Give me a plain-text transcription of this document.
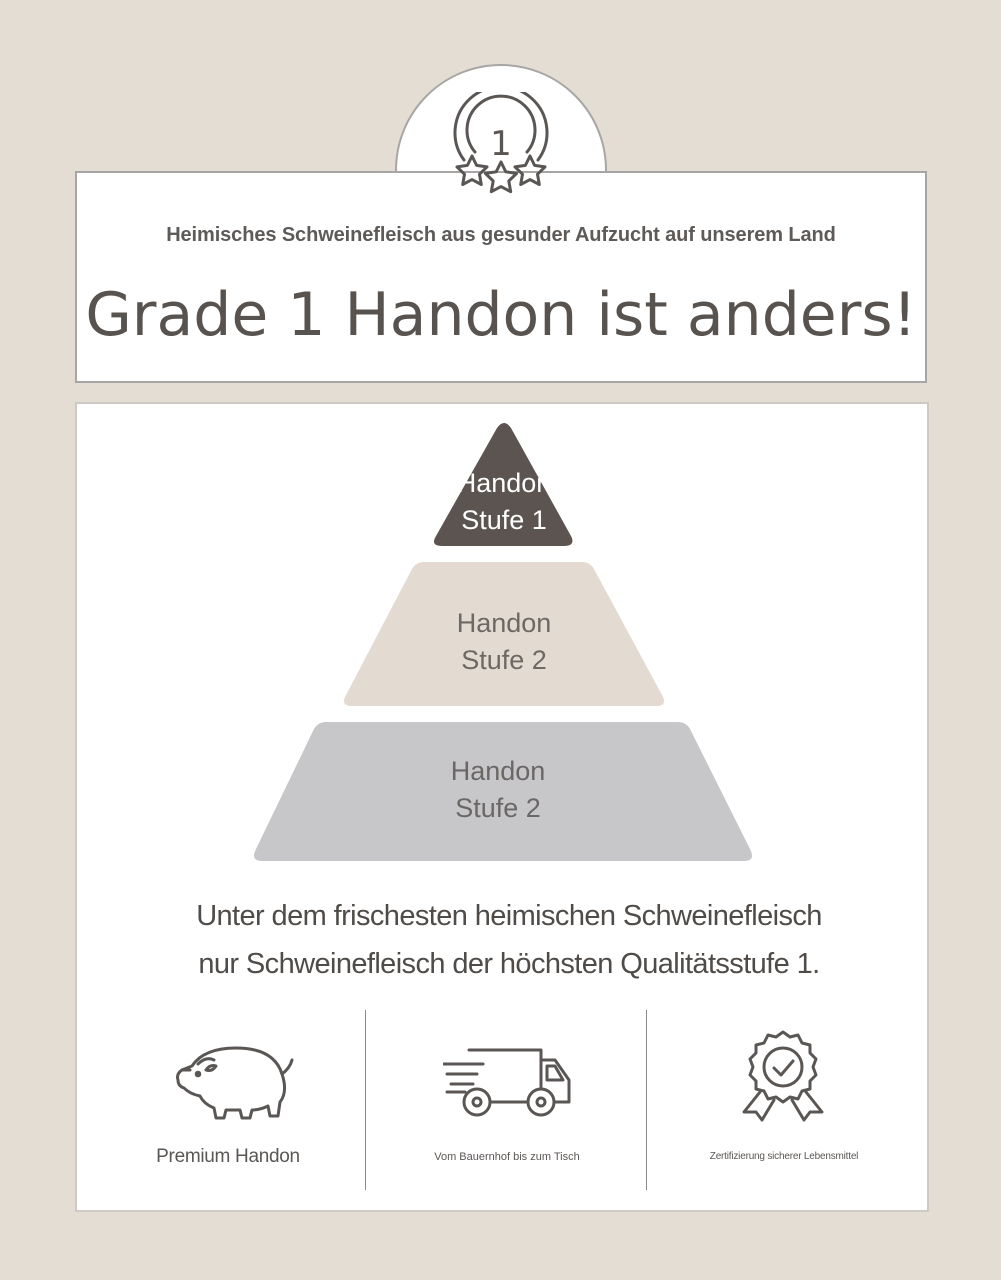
1
Heimisches Schweinefleisch aus gesunder Aufzucht auf unserem Land
Grade 1 Handon ist anders!
Handon
Stufe 1
Handon
Stufe 2
Handon
Stufe 2
Unter dem frischesten heimischen Schweinefleisch
nur Schweinefleisch der höchsten Qualitätsstufe 1.
Premium Handon	Vom Bauernhof bis zum Tisch	Zertifizierung sicherer Lebensmittel
